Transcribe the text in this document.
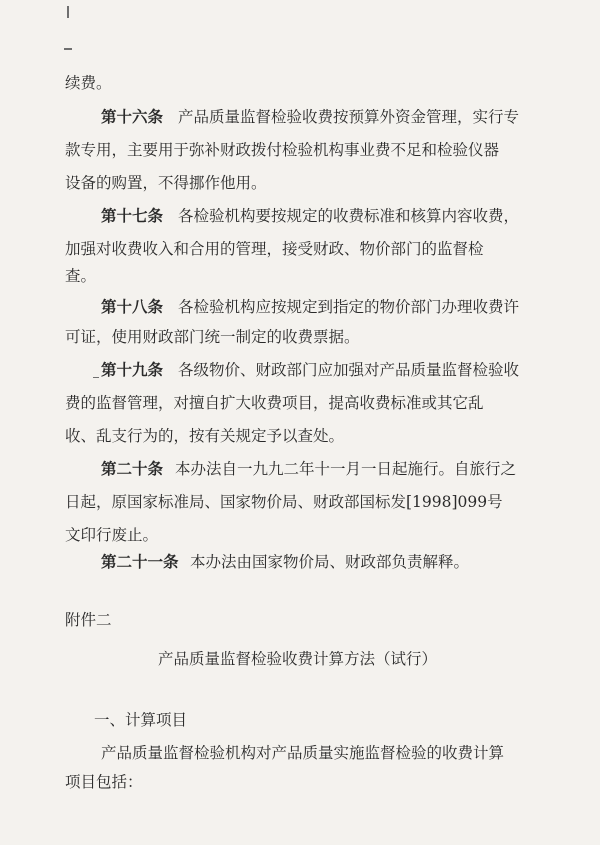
续费。
第十六条 产品质量监督检验收费按预算外资金管理，实行专
款专用，主要用于弥补财政拨付检验机构事业费不足和检验仪器
设备的购置，不得挪作他用。
第十七条 各检验机构要按规定的收费标准和核算内容收费，
加强对收费收入和合用的管理，接受财政、物价部门的监督检
查。
第十八条 各检验机构应按规定到指定的物价部门办理收费许
可证，使用财政部门统一制定的收费票据。
第十九条 各级物价、财政部门应加强对产品质量监督检验收
费的监督管理，对擅自扩大收费项目，提高收费标准或其它乱
收、乱支行为的，按有关规定予以查处。
第二十条 本办法自一九九二年十一月一日起施行。自旅行之
日起，原国家标准局、国家物价局、财政部国标发[1998]099号
文印行废止。
第二十一条 本办法由国家物价局、财政部负责解释。
附件二
产品质量监督检验收费计算方法（试行）
一、计算项目
产品质量监督检验机构对产品质量实施监督检验的收费计算
项目包括：
